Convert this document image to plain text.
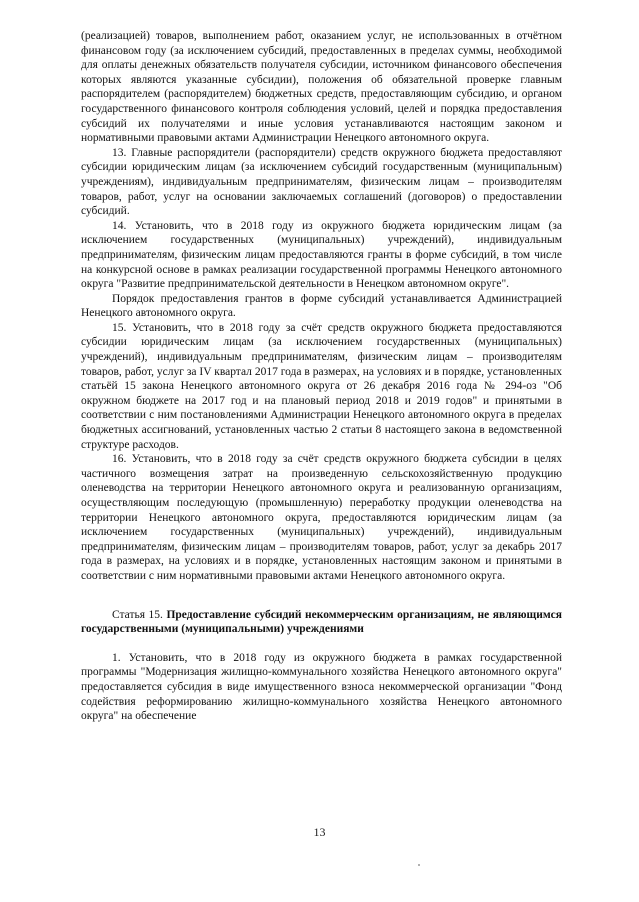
(реализацией) товаров, выполнением работ, оказанием услуг, не использованных в отчётном финансовом году (за исключением субсидий, предоставленных в пределах суммы, необходимой для оплаты денежных обязательств получателя субсидии, источником финансового обеспечения которых являются указанные субсидии), положения об обязательной проверке главным распорядителем (распорядителем) бюджетных средств, предоставляющим субсидию, и органом государственного финансового контроля соблюдения условий, целей и порядка предоставления субсидий их получателями и иные условия устанавливаются настоящим законом и нормативными правовыми актами Администрации Ненецкого автономного округа.

13. Главные распорядители (распорядители) средств окружного бюджета предоставляют субсидии юридическим лицам (за исключением субсидий государственным (муниципальным) учреждениям), индивидуальным предпринимателям, физическим лицам – производителям товаров, работ, услуг на основании заключаемых соглашений (договоров) о предоставлении субсидий.

14. Установить, что в 2018 году из окружного бюджета юридическим лицам (за исключением государственных (муниципальных) учреждений), индивидуальным предпринимателям, физическим лицам предоставляются гранты в форме субсидий, в том числе на конкурсной основе в рамках реализации государственной программы Ненецкого автономного округа "Развитие предпринимательской деятельности в Ненецком автономном округе".

Порядок предоставления грантов в форме субсидий устанавливается Администрацией Ненецкого автономного округа.

15. Установить, что в 2018 году за счёт средств окружного бюджета предоставляются субсидии юридическим лицам (за исключением государственных (муниципальных) учреждений), индивидуальным предпринимателям, физическим лицам – производителям товаров, работ, услуг за IV квартал 2017 года в размерах, на условиях и в порядке, установленных статьёй 15 закона Ненецкого автономного округа от 26 декабря 2016 года № 294-оз "Об окружном бюджете на 2017 год и на плановый период 2018 и 2019 годов" и принятыми в соответствии с ним постановлениями Администрации Ненецкого автономного округа в пределах бюджетных ассигнований, установленных частью 2 статьи 8 настоящего закона в ведомственной структуре расходов.

16. Установить, что в 2018 году за счёт средств окружного бюджета субсидии в целях частичного возмещения затрат на произведенную сельскохозяйственную продукцию оленеводства на территории Ненецкого автономного округа и реализованную организациям, осуществляющим последующую (промышленную) переработку продукции оленеводства на территории Ненецкого автономного округа, предоставляются юридическим лицам (за исключением государственных (муниципальных) учреждений), индивидуальным предпринимателям, физическим лицам – производителям товаров, работ, услуг за декабрь 2017 года в размерах, на условиях и в порядке, установленных настоящим законом и принятыми в соответствии с ним нормативными правовыми актами Ненецкого автономного округа.

Статья 15. Предоставление субсидий некоммерческим организациям, не являющимся государственными (муниципальными) учреждениями

1. Установить, что в 2018 году из окружного бюджета в рамках государственной программы "Модернизация жилищно-коммунального хозяйства Ненецкого автономного округа" предоставляется субсидия в виде имущественного взноса некоммерческой организации "Фонд содействия реформированию жилищно-коммунального хозяйства Ненецкого автономного округа" на обеспечение

13
